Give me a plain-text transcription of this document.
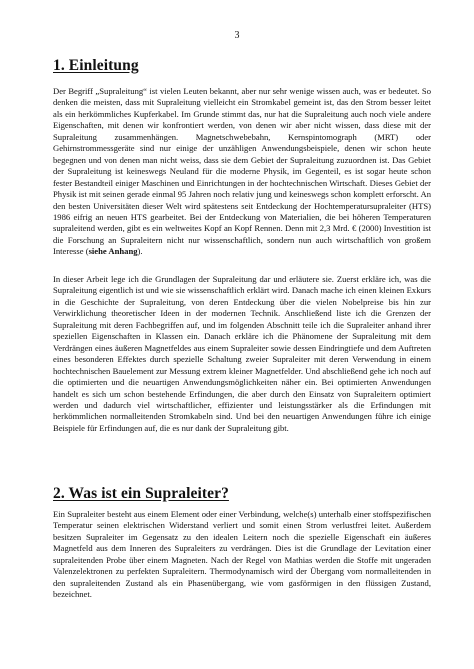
3
1. Einleitung

Der Begriff „Supraleitung“ ist vielen Leuten bekannt, aber nur sehr wenige wissen auch, was er bedeutet. So denken die meisten, dass mit Supraleitung vielleicht ein Stromkabel gemeint ist, das den Strom besser leitet als ein herkömmliches Kupferkabel. Im Grunde stimmt das, nur hat die Supraleitung auch noch viele andere Eigenschaften, mit denen wir konfrontiert werden, von denen wir aber nicht wissen, dass diese mit der Supraleitung zusammenhängen. Magnetschwebebahn, Kernspintomograph (MRT) oder Gehirnstrommessgeräte sind nur einige der unzähligen Anwendungsbeispiele, denen wir schon heute begegnen und von denen man nicht weiss, dass sie dem Gebiet der Supraleitung zuzuordnen ist. Das Gebiet der Supraleitung ist keineswegs Neuland für die moderne Physik, im Gegenteil, es ist sogar heute schon fester Bestandteil einiger Maschinen und Einrichtungen in der hochtechnischen Wirtschaft. Dieses Gebiet der Physik ist mit seinen gerade einmal 95 Jahren noch relativ jung und keineswegs schon komplett erforscht. An den besten Universitäten dieser Welt wird spätestens seit Entdeckung der Hochtemperatursupraleiter (HTS) 1986 eifrig an neuen HTS gearbeitet. Bei der Entdeckung von Materialien, die bei höheren Temperaturen supraleitend werden, gibt es ein weltweites Kopf an Kopf Rennen. Denn mit 2,3 Mrd. € (2000) Investition ist die Forschung an Supraleitern nicht nur wissenschaftlich, sondern nun auch wirtschaftlich von großem Interesse (siehe Anhang).

In dieser Arbeit lege ich die Grundlagen der Supraleitung dar und erläutere sie. Zuerst erkläre ich, was die Supraleitung eigentlich ist und wie sie wissenschaftlich erklärt wird. Danach mache ich einen kleinen Exkurs in die Geschichte der Supraleitung, von deren Entdeckung über die vielen Nobelpreise bis hin zur Verwirklichung theoretischer Ideen in der modernen Technik. Anschließend liste ich die Grenzen der Supraleitung mit deren Fachbegriffen auf, und im folgenden Abschnitt teile ich die Supraleiter anhand ihrer speziellen Eigenschaften in Klassen ein. Danach erkläre ich die Phänomene der Supraleitung mit dem Verdrängen eines äußeren Magnetfeldes aus einem Supraleiter sowie dessen Eindringtiefe und dem Auftreten eines besonderen Effektes durch spezielle Schaltung zweier Supraleiter mit deren Verwendung in einem hochtechnischen Bauelement zur Messung extrem kleiner Magnetfelder. Und abschließend gehe ich noch auf die optimierten und die neuartigen Anwendungsmöglichkeiten näher ein. Bei optimierten Anwendungen handelt es sich um schon bestehende Erfindungen, die aber durch den Einsatz von Supraleitern optimiert werden und dadurch viel wirtschaftlicher, effizienter und leistungsstärker als die Erfindungen mit herkömmlichen normalleitenden Stromkabeln sind. Und bei den neuartigen Anwendungen führe ich einige Beispiele für Erfindungen auf, die es nur dank der Supraleitung gibt.

2. Was ist ein Supraleiter?

Ein Supraleiter besteht aus einem Element oder einer Verbindung, welche(s) unterhalb einer stoffspezifischen Temperatur seinen elektrischen Widerstand verliert und somit einen Strom verlustfrei leitet. Außerdem besitzen Supraleiter im Gegensatz zu den idealen Leitern noch die spezielle Eigenschaft ein äußeres Magnetfeld aus dem Inneren des Supraleiters zu verdrängen. Dies ist die Grundlage der Levitation einer supraleitenden Probe über einem Magneten. Nach der Regel von Mathias werden die Stoffe mit ungeraden Valenzelektronen zu perfekten Supraleitern. Thermodynamisch wird der Übergang vom normalleitenden in den supraleitenden Zustand als ein Phasenübergang, wie vom gasförmigen in den flüssigen Zustand, bezeichnet.
